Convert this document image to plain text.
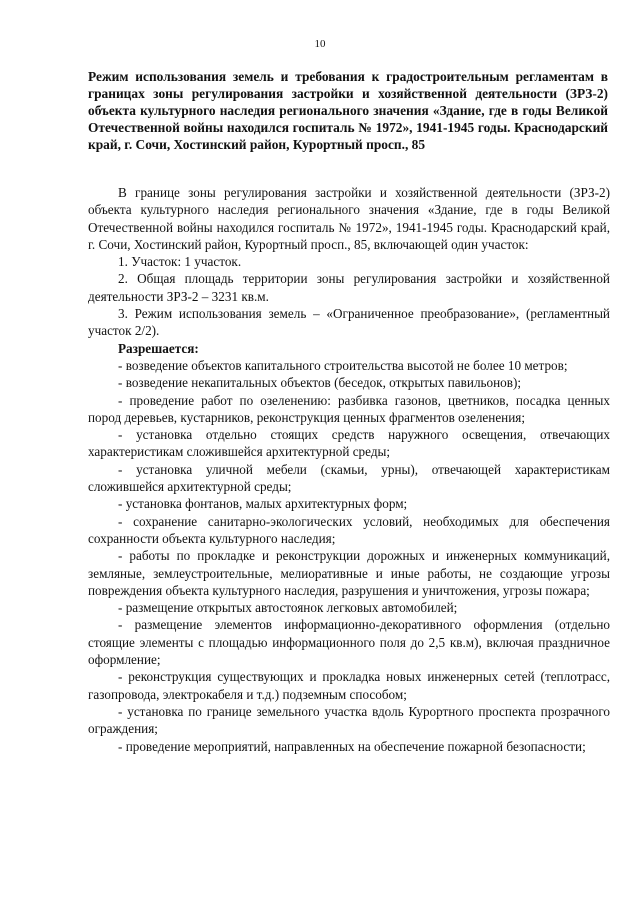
10
Режим использования земель и требования к градостроительным регламентам в границах зоны регулирования застройки и хозяйственной деятельности (ЗРЗ-2) объекта культурного наследия регионального значения «Здание, где в годы Великой Отечественной войны находился госпиталь № 1972», 1941-1945 годы. Краснодарский край, г. Сочи, Хостинский район, Курортный просп., 85

В границе зоны регулирования застройки и хозяйственной деятельности (ЗРЗ-2) объекта культурного наследия регионального значения «Здание, где в годы Великой Отечественной войны находился госпиталь № 1972», 1941-1945 годы. Краснодарский край, г. Сочи, Хостинский район, Курортный просп., 85, включающей один участок:

1. Участок: 1 участок.

2. Общая площадь территории зоны регулирования застройки и хозяйственной деятельности ЗРЗ-2 – 3231 кв.м.

3. Режим использования земель – «Ограниченное преобразование», (регламентный участок 2/2).

Разрешается:

- возведение объектов капитального строительства высотой не более 10 метров;

- возведение некапитальных объектов (беседок, открытых павильонов);

- проведение работ по озеленению: разбивка газонов, цветников, посадка ценных пород деревьев, кустарников, реконструкция ценных фрагментов озеленения;

- установка отдельно стоящих средств наружного освещения, отвечающих характеристикам сложившейся архитектурной среды;

- установка уличной мебели (скамьи, урны), отвечающей характеристикам сложившейся архитектурной среды;

- установка фонтанов, малых архитектурных форм;

- сохранение санитарно-экологических условий, необходимых для обеспечения сохранности объекта культурного наследия;

- работы по прокладке и реконструкции дорожных и инженерных коммуникаций, земляные, землеустроительные, мелиоративные и иные работы, не создающие угрозы повреждения объекта культурного наследия, разрушения и уничтожения, угрозы пожара;

- размещение открытых автостоянок легковых автомобилей;

- размещение элементов информационно-декоративного оформления (отдельно стоящие элементы с площадью информационного поля до 2,5 кв.м), включая праздничное оформление;

- реконструкция существующих и прокладка новых инженерных сетей (теплотрасс, газопровода, электрокабеля и т.д.) подземным способом;

- установка по границе земельного участка вдоль Курортного проспекта прозрачного ограждения;

- проведение мероприятий, направленных на обеспечение пожарной безопасности;
